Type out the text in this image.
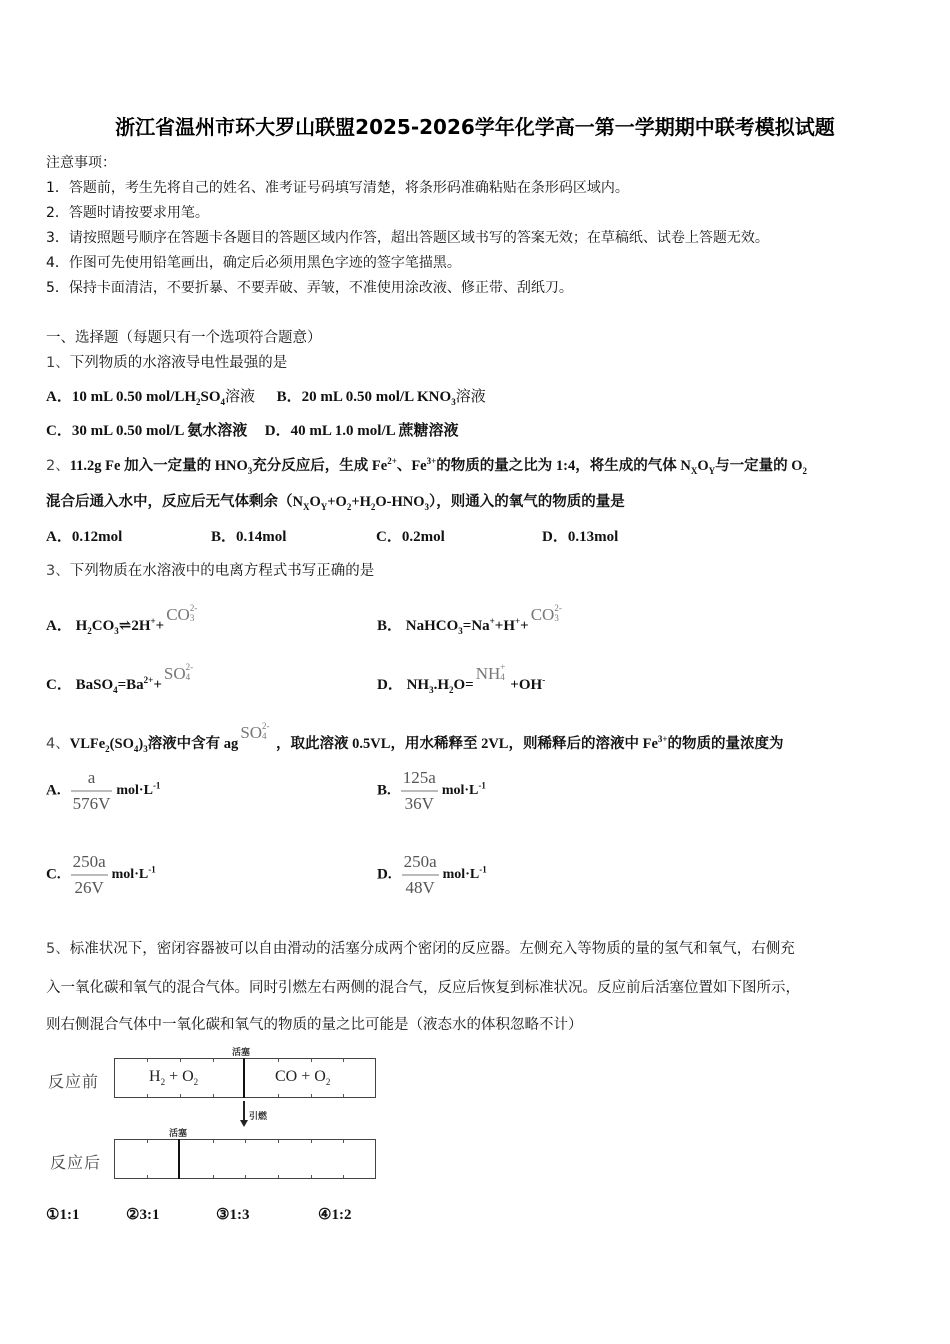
浙江省温州市环大罗山联盟2025-2026学年化学高一第一学期期中联考模拟试题
注意事项：
1．答题前，考生先将自己的姓名、准考证号码填写清楚，将条形码准确粘贴在条形码区域内。
2．答题时请按要求用笔。
3．请按照题号顺序在答题卡各题目的答题区域内作答，超出答题区域书写的答案无效；在草稿纸、试卷上答题无效。
4．作图可先使用铅笔画出，确定后必须用黑色字迹的签字笔描黑。
5．保持卡面清洁，不要折暴、不要弄破、弄皱，不准使用涂改液、修正带、刮纸刀。
一、选择题（每题只有一个选项符合题意）
1、下列物质的水溶液导电性最强的是
A．10 mL 0.50 mol/$LH_2SO_4$溶液 B．20 mL 0.50 mol/L $KNO_3$溶液
C．30 mL 0.50 mol/L 氨水溶液 D．40 mL 1.0 mol/L 蔗糖溶液
2、11.2g Fe 加入一定量的 $HNO_3$充分反应后，生成 $Fe^{2+}$、$Fe^{3+}$的物质的量之比为 1:4，将生成的气体 $N_XO_Y$与一定量的 $O_2$
混合后通入水中，反应后无气体剩余$(N_XO_Y+O_2+H_2O-HNO_3)$，则通入的氧气的物质的量是
A．0.12mol	B．0.14mol	C．0.2mol	D．0.13mol
3、下列物质在水溶液中的电离方程式书写正确的是
A． $H_2CO_3\rightleftharpoons 2H^++CO$ 2-
3	B． NaHCO$_3$=Na++H++CO 2-
3
C． $BaSO_4=Ba^{2+}+SO$ 2-
4	D． $NH_3.H_2O=NH$ +
4 +OH-
4、$VLFe_2(SO_4)_3$溶液中含有 agSO 2-
4 ，取此溶液 0.5VL，用水稀释至 2VL，则稀释后的溶液中 $Fe^{3+}$的物质的量浓度为
A. $\frac{a}{576V} mol\cdot L^{-1}$	B. $\frac{125a}{36V} mol\cdot L^{-1}$
C. $\frac{250a}{26V} mol\cdot L^{-1}$	D. $\frac{250a}{48V} mol\cdot L^{-1}$
5、标准状况下，密闭容器被可以自由滑动的活塞分成两个密闭的反应器。左侧充入等物质的量的氢气和氧气，右侧充
入一氧化碳和氧气的混合气体。同时引燃左右两侧的混合气，反应后恢复到标准状况。反应前后活塞位置如下图所示，
则右侧混合气体中一氧化碳和氧气的物质的量之比可能是（液态水的体积忽略不计）
反应前	$H_2 + O_2$	CO + $O_2$
活塞
引燃
活塞
反应后
①1:1	②3:1	③1:3	④1:2
